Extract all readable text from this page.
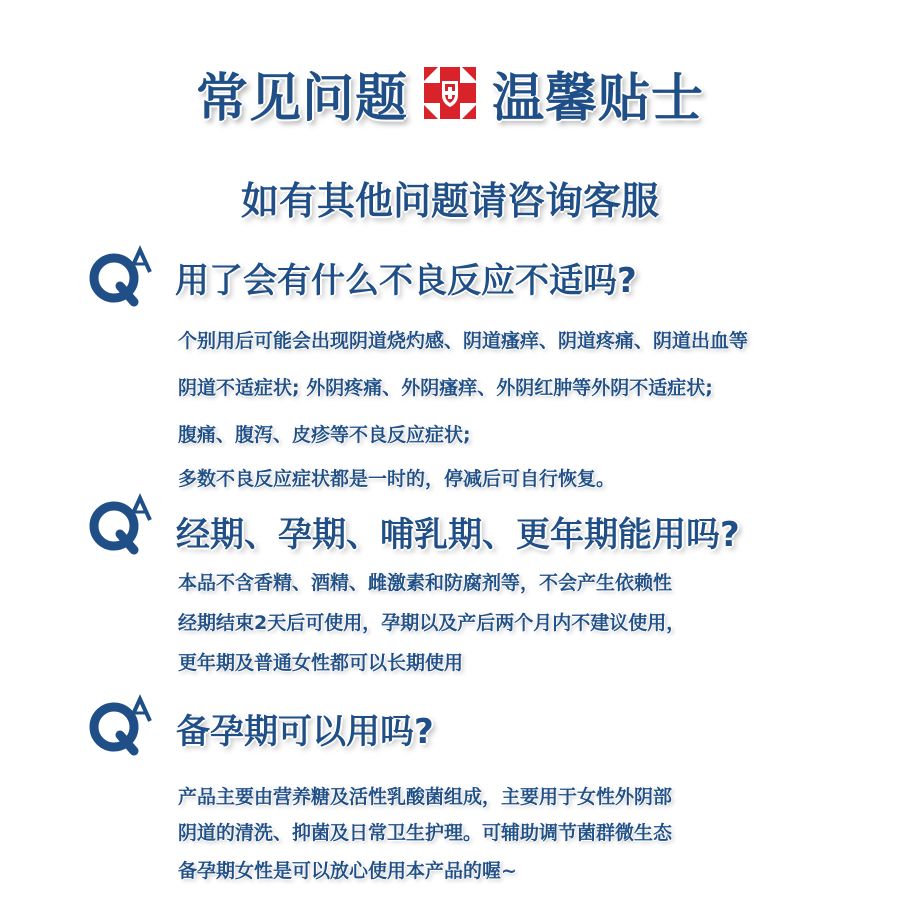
常见问题 温馨贴士
如有其他问题请咨询客服
用了会有什么不良反应不适吗?
个别用后可能会出现阴道烧灼感、阴道瘙痒、阴道疼痛、阴道出血等
阴道不适症状; 外阴疼痛、外阴瘙痒、外阴红肿等外阴不适症状;
腹痛、腹泻、皮疹等不良反应症状;
多数不良反应症状都是一时的，停减后可自行恢复。
经期、孕期、哺乳期、更年期能用吗?
本品不含香精、酒精、雌激素和防腐剂等，不会产生依赖性
经期结束2天后可使用，孕期以及产后两个月内不建议使用，
更年期及普通女性都可以长期使用
备孕期可以用吗?
产品主要由营养糖及活性乳酸菌组成，主要用于女性外阴部
阴道的清洗、抑菌及日常卫生护理。可辅助调节菌群微生态
备孕期女性是可以放心使用本产品的喔~
